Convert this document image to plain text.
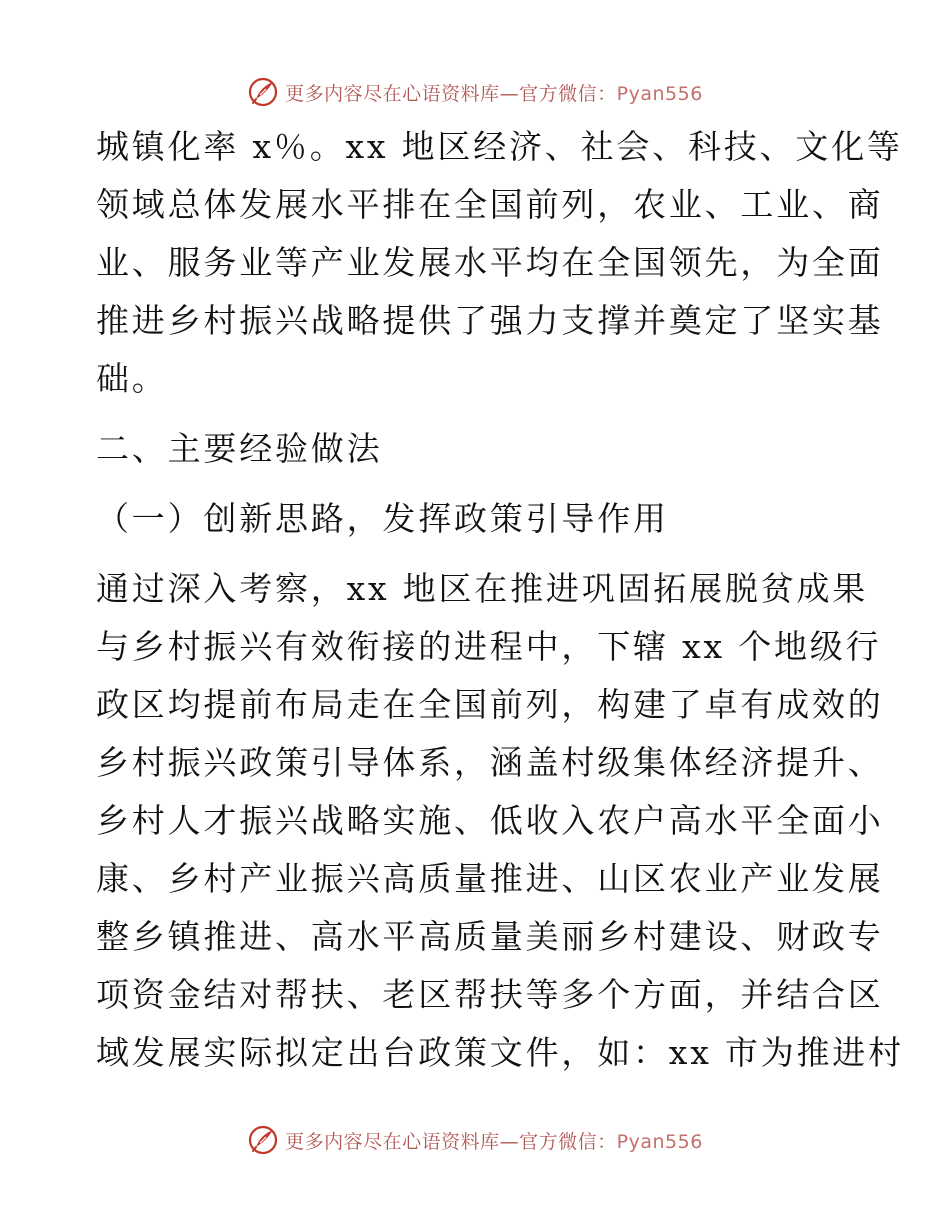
更多内容尽在心语资料库—官方微信：Pyan556
城镇化率 x％。xx 地区经济、社会、科技、文化等
领域总体发展水平排在全国前列，农业、工业、商
业、服务业等产业发展水平均在全国领先，为全面
推进乡村振兴战略提供了强力支撑并奠定了坚实基
础。
二、主要经验做法
（一）创新思路，发挥政策引导作用
通过深入考察，xx 地区在推进巩固拓展脱贫成果
与乡村振兴有效衔接的进程中，下辖 xx 个地级行
政区均提前布局走在全国前列，构建了卓有成效的
乡村振兴政策引导体系，涵盖村级集体经济提升、
乡村人才振兴战略实施、低收入农户高水平全面小
康、乡村产业振兴高质量推进、山区农业产业发展
整乡镇推进、高水平高质量美丽乡村建设、财政专
项资金结对帮扶、老区帮扶等多个方面，并结合区
域发展实际拟定出台政策文件，如：xx 市为推进村
更多内容尽在心语资料库—官方微信：Pyan556
